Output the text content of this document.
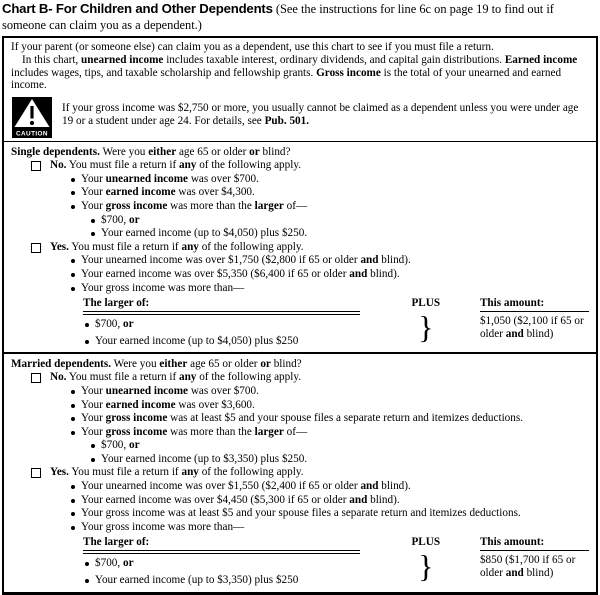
Chart B- For Children and Other Dependents (See the instructions for line 6c on page 19 to find out if someone can claim you as a dependent.)
If your parent (or someone else) can claim you as a dependent, use this chart to see if you must file a return.
In this chart, unearned income includes taxable interest, ordinary dividends, and capital gain distributions. Earned income includes wages, tips, and taxable scholarship and fellowship grants. Gross income is the total of your unearned and earned income.
CAUTION
If your gross income was $2,750 or more, you usually cannot be claimed as a dependent unless you were under age 19 or a student under age 24. For details, see Pub. 501.
Single dependents. Were you either age 65 or older or blind?
No. You must file a return if any of the following apply.
Your unearned income was over $700.
Your earned income was over $4,300.
Your gross income was more than the larger of—
$700, or
Your earned income (up to $4,050) plus $250.
Yes. You must file a return if any of the following apply.
Your unearned income was over $1,750 ($2,800 if 65 or older and blind).
Your earned income was over $5,350 ($6,400 if 65 or older and blind).
Your gross income was more than—
The larger of:
$700, or
Your earned income (up to $4,050) plus $250
PLUS
}
This amount:
$1,050 ($2,100 if 65 or older and blind)
Married dependents. Were you either age 65 or older or blind?
No. You must file a return if any of the following apply.
Your unearned income was over $700.
Your earned income was over $3,600.
Your gross income was at least $5 and your spouse files a separate return and itemizes deductions.
Your gross income was more than the larger of—
$700, or
Your earned income (up to $3,350) plus $250.
Yes. You must file a return if any of the following apply.
Your unearned income was over $1,550 ($2,400 if 65 or older and blind).
Your earned income was over $4,450 ($5,300 if 65 or older and blind).
Your gross income was at least $5 and your spouse files a separate return and itemizes deductions.
Your gross income was more than—
The larger of:
$700, or
Your earned income (up to $3,350) plus $250
PLUS
}
This amount:
$850 ($1,700 if 65 or older and blind)
